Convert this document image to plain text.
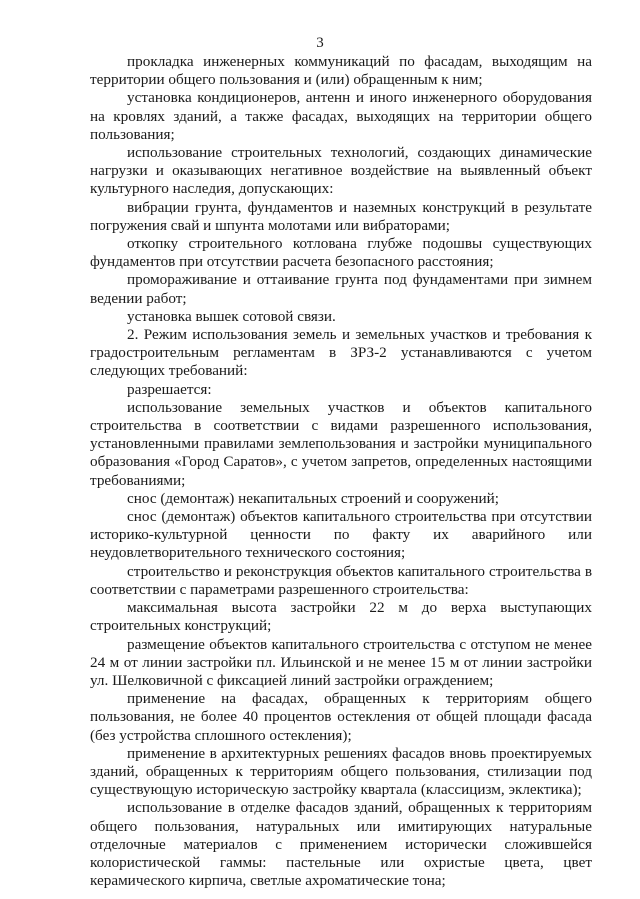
3

прокладка инженерных коммуникаций по фасадам, выходящим на территории общего пользования и (или) обращенным к ним;

установка кондиционеров, антенн и иного инженерного оборудования на кровлях зданий, а также фасадах, выходящих на территории общего пользования;

использование строительных технологий, создающих динамические нагрузки и оказывающих негативное воздействие на выявленный объект культурного наследия, допускающих:

вибрации грунта, фундаментов и наземных конструкций в результате погружения свай и шпунта молотами или вибраторами;

откопку строительного котлована глубже подошвы существующих фундаментов при отсутствии расчета безопасного расстояния;

промораживание и оттаивание грунта под фундаментами при зимнем ведении работ;

установка вышек сотовой связи.

2. Режим использования земель и земельных участков и требования к градостроительным регламентам в ЗРЗ-2 устанавливаются с учетом следующих требований:

разрешается:

использование земельных участков и объектов капитального строительства в соответствии с видами разрешенного использования, установленными правилами землепользования и застройки муниципального образования «Город Саратов», с учетом запретов, определенных настоящими требованиями;

снос (демонтаж) некапитальных строений и сооружений;

снос (демонтаж) объектов капитального строительства при отсутствии историко-культурной ценности по факту их аварийного или неудовлетворительного технического состояния;

строительство и реконструкция объектов капитального строительства в соответствии с параметрами разрешенного строительства:

максимальная высота застройки 22 м до верха выступающих строительных конструкций;

размещение объектов капитального строительства с отступом не менее 24 м от линии застройки пл. Ильинской и не менее 15 м от линии застройки ул. Шелковичной с фиксацией линий застройки ограждением;

применение на фасадах, обращенных к территориям общего пользования, не более 40 процентов остекления от общей площади фасада (без устройства сплошного остекления);

применение в архитектурных решениях фасадов вновь проектируемых зданий, обращенных к территориям общего пользования, стилизации под существующую историческую застройку квартала (классицизм, эклектика);

использование в отделке фасадов зданий, обращенных к территориям общего пользования, натуральных или имитирующих натуральные отделочные материалов с применением исторически сложившейся колористической гаммы: пастельные или охристые цвета, цвет керамического кирпича, светлые ахроматические тона;
